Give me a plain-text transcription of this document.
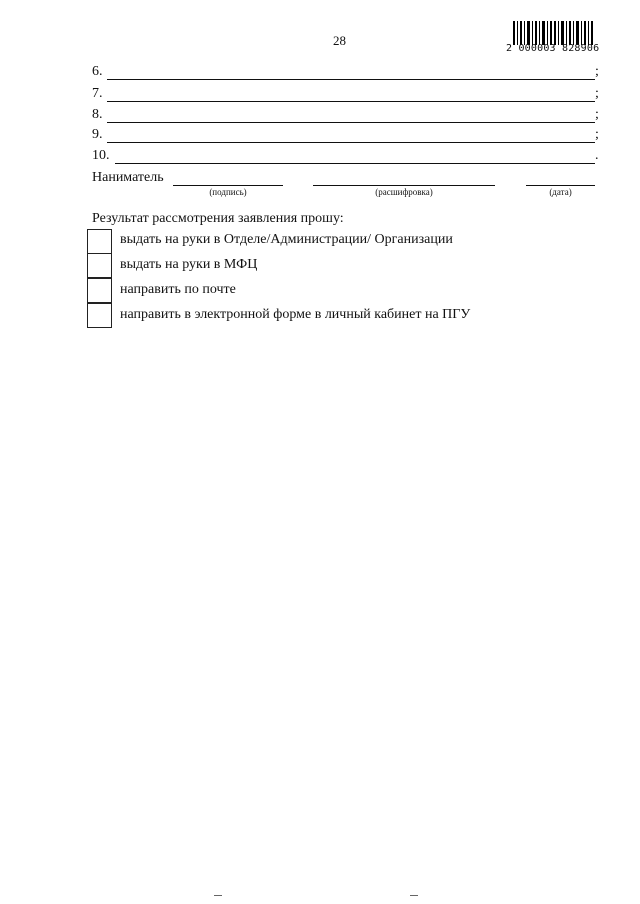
28
2 000003 828906
6.	;
7.	;
8.	;
9.	;
10.	.
Наниматель
(подпись)	(расшифровка)	(дата)
Результат рассмотрения заявления прошу:
выдать на руки в Отделе/Администрации/ Организации
выдать на руки в МФЦ
направить по почте
направить в электронной форме в личный кабинет на ПГУ
